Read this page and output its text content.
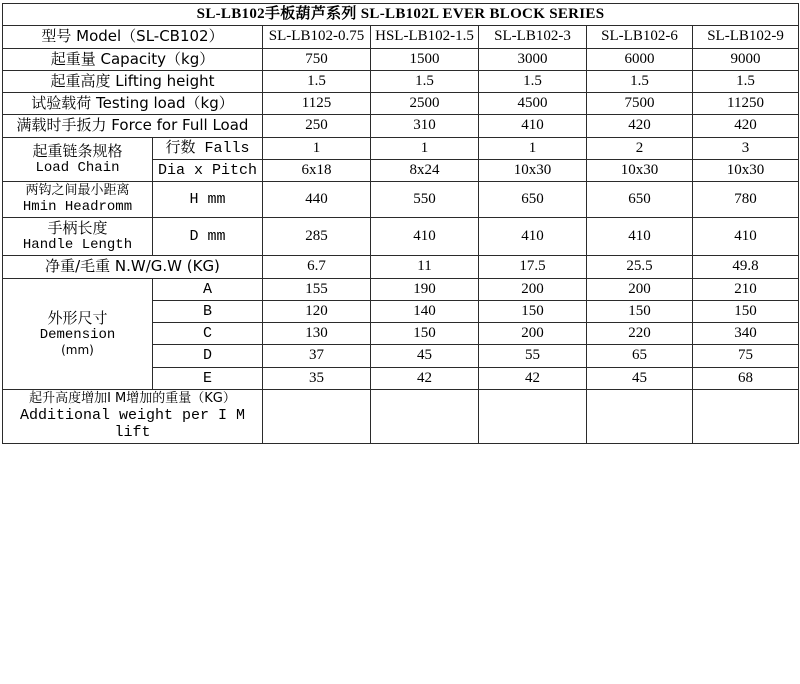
SL-LB102手板葫芦系列 SL-LB102L EVER BLOCK SERIES						
型号 Model（SL-CB102）		SL-LB102-0.75	HSL-LB102-1.5	SL-LB102-3	SL-LB102-6	SL-LB102-9
起重量 Capacity（kg）		750	1500	3000	6000	9000
起重高度 Lifting height		1.5	1.5	1.5	1.5	1.5
试验载荷 Testing load（kg）		1125	2500	4500	7500	11250
满载时手扳力 Force for Full Load		250	310	410	420	420

起重链条规格
Load Chain	行数 Falls	1	1	1	2	3
	Dia x Pitch	6x18	8x24	10x30	10x30	10x30

两钩之间最小距离
Hmin Headromm	H mm	440	550	650	650	780

手柄长度
Handle Length	D mm	285	410	410	410	410
净重/毛重 N.W/G.W (KG)		6.7	11	17.5	25.5	49.8

外形尺寸
Demension
(mm)	A	155	190	200	200	210
	B	120	140	150	150	150
	C	130	150	200	220	340
	D	37	45	55	65	75
	E	35	42	42	45	68

起升高度增加I M增加的重量（KG）
Additional weight per I M lift						
